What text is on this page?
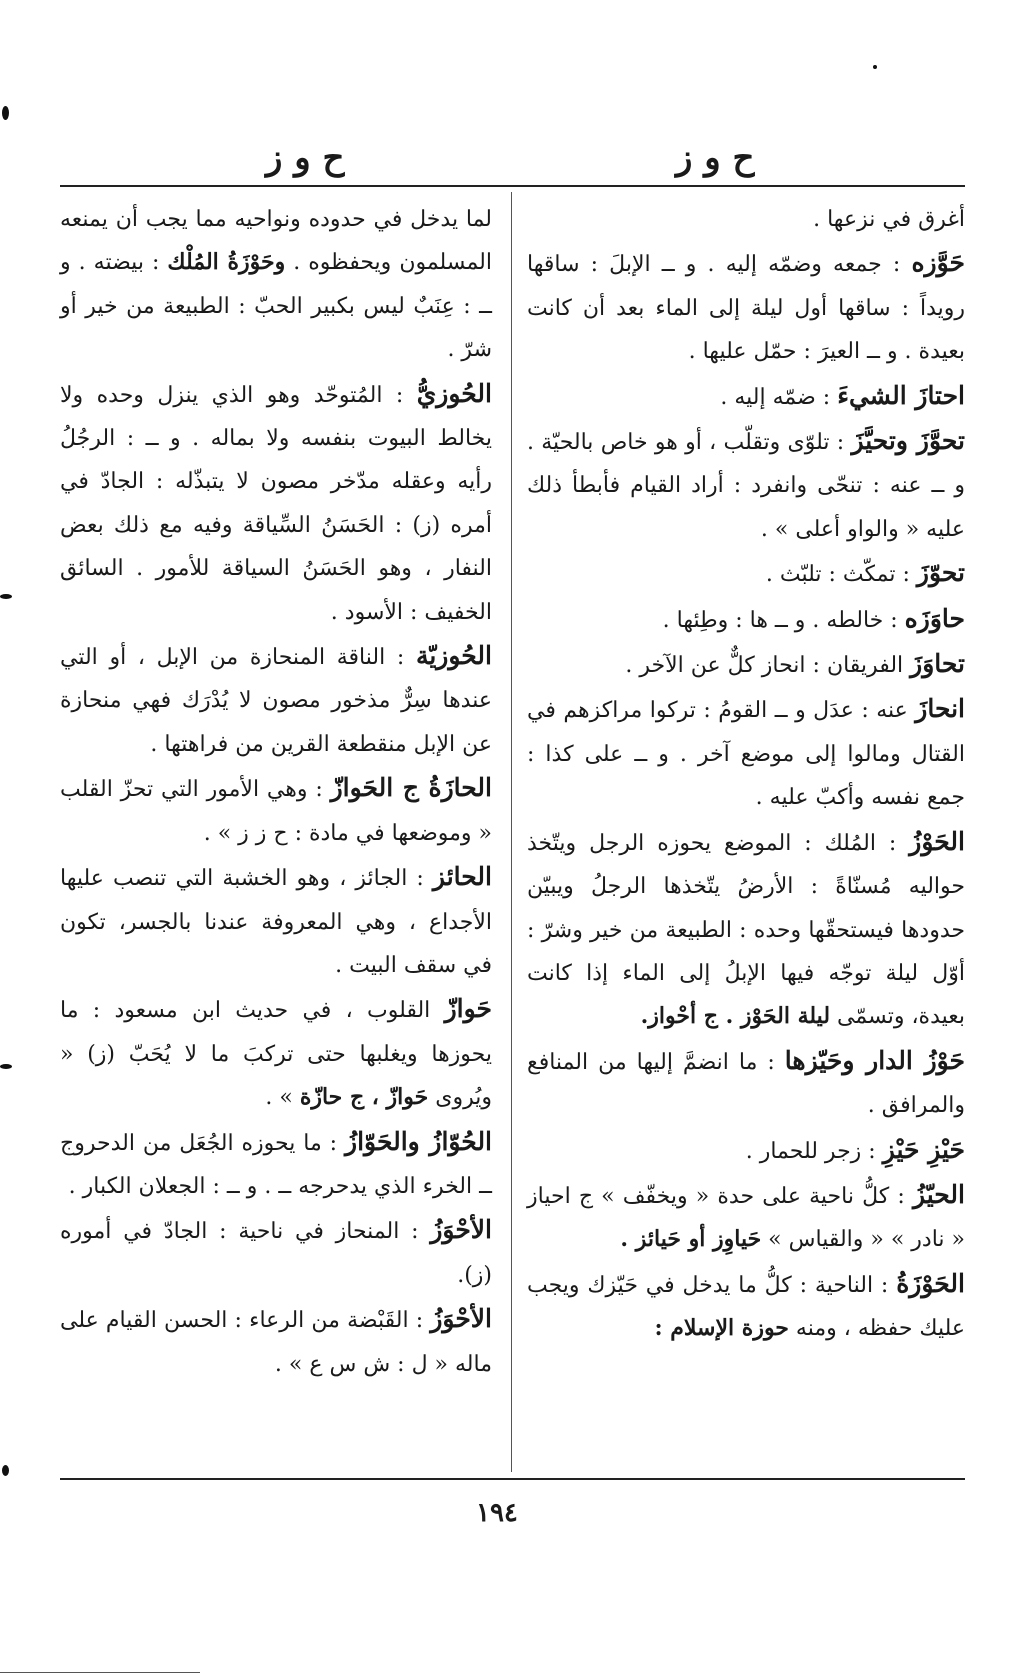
ح و ز
ح و ز

أغرق في نزعها .

حَوَّزه : جمعه وضمّه إليه . و ــ الإبلَ : ساقها رويداً : ساقها أول ليلة إلى الماء بعد أن كانت بعيدة . و ــ العيرَ : حمّل عليها .

احتازَ الشيءَ : ضمّه إليه .

تحوَّزَ وتحيَّزَ : تلوّى وتقلّب ، أو هو خاص بالحيّة . و ــ عنه : تنحّى وانفرد : أراد القيام فأبطأ ذلك عليه « والواو أعلى » .

تحوّزَ : تمكّث : تلبّث .

حاوَزَه : خالطه . و ــ ها : وطِئها .

تحاوَزَ الفريقان : انحاز كلٌّ عن الآخر .

انحازَ عنه : عدَل و ــ القومُ : تركوا مراكزهم في القتال ومالوا إلى موضع آخر . و ــ على كذا : جمع نفسه وأكبّ عليه .

الحَوْزُ : المُلك : الموضع يحوزه الرجل ويتّخذ حواليه مُسنّاةً : الأرضُ يتّخذها الرجلُ ويبيّن حدودها فيستحقّها وحده : الطبيعة من خير وشرّ : أوّل ليلة توجّه فيها الإبلُ إلى الماء إذا كانت بعيدة، وتسمّى ليلة الحَوْز . ج أحْواز.

حَوْزُ الدار وحَيّزها : ما انضمَّ إليها من المنافع والمرافق .

حَيْزِ حَيْزِ : زجر للحمار .

الحيّزُ : كلُّ ناحية على حدة « ويخفّف » ج احياز « نادر » « والقياس » حَياوِز أو حَيائز .

الحَوْزَةُ : الناحية : كلُّ ما يدخل في حَيّزك ويجب عليك حفظه ، ومنه حوزة الإسلام :

لما يدخل في حدوده ونواحيه مما يجب أن يمنعه المسلمون ويحفظوه . وحَوْزَةُ المُلْك : بيضته . و ــ : عِنَبٌ ليس بكبير الحبّ : الطبيعة من خير أو شرّ .

الحُوزيُّ : المُتوحّد وهو الذي ينزل وحده ولا يخالط البيوت بنفسه ولا بماله . و ــ : الرجُلُ رأيه وعقله مدّخر مصون لا يتبذّله : الجادّ في أمره (ز) : الحَسَنُ السِّياقة وفيه مع ذلك بعض النفار ، وهو الحَسَنُ السياقة للأمور . السائق الخفيف : الأسود .

الحُوزيّة : الناقة المنحازة من الإبل ، أو التي عندها سِرٌّ مذخور مصون لا يُدْرَك فهي منحازة عن الإبل منقطعة القرين من فراهتها .

الحازَةُ ج الحَوازّ : وهي الأمور التي تحزّ القلب « وموضعها في مادة : ح ز ز » .

الحائز : الجائز ، وهو الخشبة التي تنصب عليها الأجداع ، وهي المعروفة عندنا بالجسر، تكون في سقف البيت .

حَوازّ القلوب ، في حديث ابن مسعود : ما يحوزها ويغلبها حتى تركبَ ما لا يُحَبّ (ز) « ويُروى حَوازّ ، ج حازّة » .

الحُوّازُ والحَوّازُ : ما يحوزه الجُعَل من الدحروج ــ الخرء الذي يدحرجه ــ . و ــ : الجعلان الكبار .

الأحْوَزُ : المنحاز في ناحية : الجادّ في أموره (ز).

الأحْوَزُ : القَبْضة من الرعاء : الحسن القيام على ماله « ل : ش س ع » .

١٩٤
